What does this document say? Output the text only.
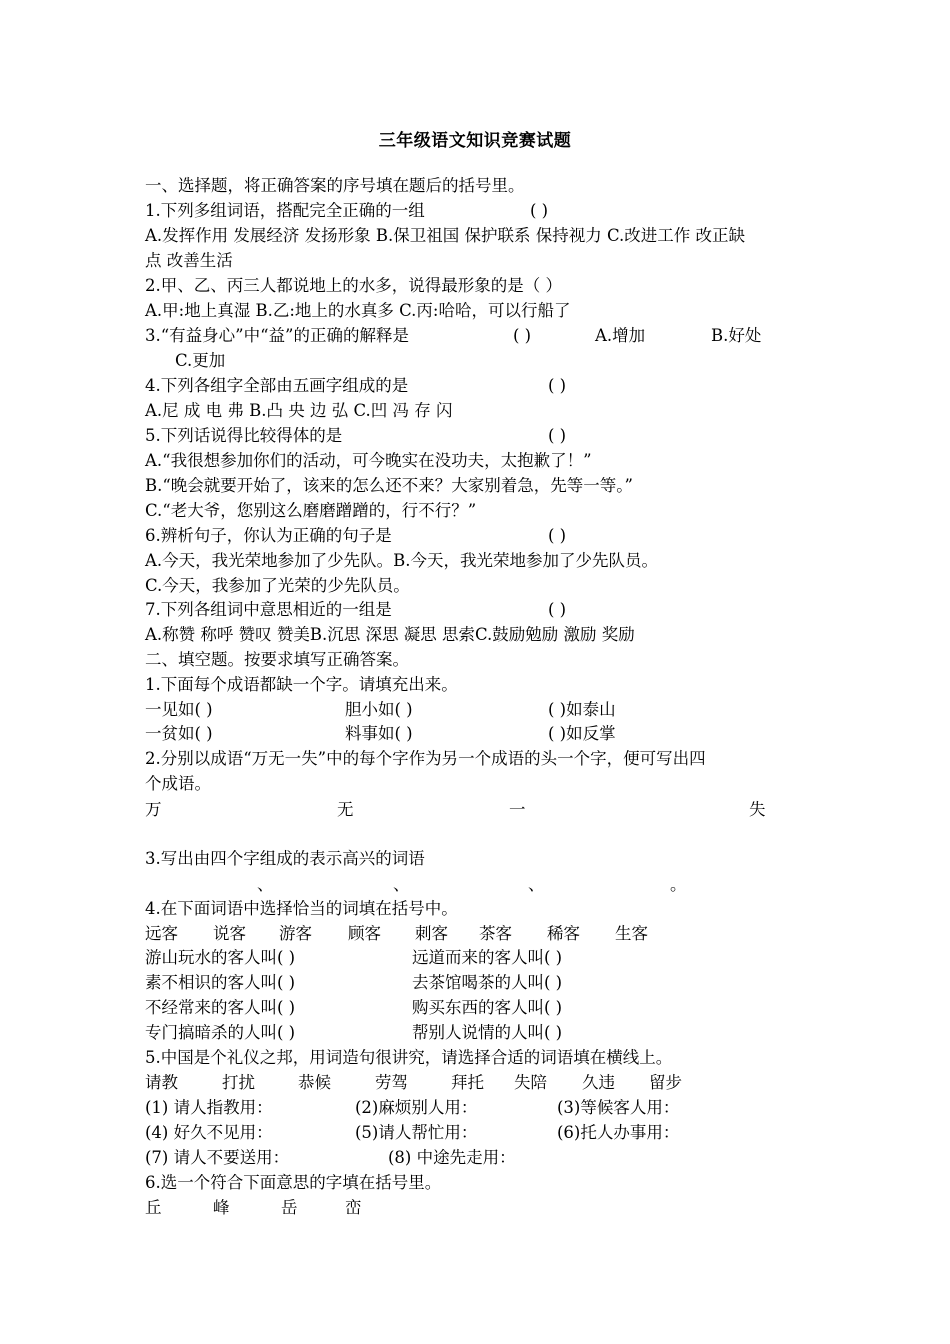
三年级语文知识竞赛试题
一、选择题，将正确答案的序号填在题后的括号里。
1.下列多组词语，搭配完全正确的一组	( )
A.发挥作用 发展经济 发扬形象 B.保卫祖国 保护联系 保持视力 C.改进工作 改正缺
点 改善生活
2.甲、乙、丙三人都说地上的水多，说得最形象的是（ ）
A.甲:地上真湿 B.乙:地上的水真多 C.丙:哈哈，可以行船了
3.“有益身心”中“益”的正确的解释是	( )	A.增加	B.好处
C.更加
4.下列各组字全部由五画字组成的是	( )
A.尼 成 电 弗 B.凸 央 边 弘 C.凹 冯 存 闪
5.下列话说得比较得体的是	( )
A.“我很想参加你们的活动，可今晚实在没功夫，太抱歉了！”
B.“晚会就要开始了，该来的怎么还不来？大家别着急，先等一等。”
C.“老大爷，您别这么磨磨蹭蹭的，行不行？”
6.辨析句子，你认为正确的句子是	( )
A.今天，我光荣地参加了少先队。B.今天，我光荣地参加了少先队员。
C.今天，我参加了光荣的少先队员。
7.下列各组词中意思相近的一组是	( )
A.称赞 称呼 赞叹 赞美B.沉思 深思 凝思 思索C.鼓励勉励 激励 奖励
二、填空题。按要求填写正确答案。
1.下面每个成语都缺一个字。请填充出来。
一见如( )	胆小如( )	( )如泰山
一贫如( )	料事如( )	( )如反掌
2.分别以成语“万无一失”中的每个字作为另一个成语的头一个字，便可写出四
个成语。
万	无	一	失
3.写出由四个字组成的表示高兴的词语
、	、	、	。
4.在下面词语中选择恰当的词填在括号中。
远客 说客 游客 顾客 刺客 茶客 稀客 生客
游山玩水的客人叫( )	远道而来的客人叫( )
素不相识的客人叫( )	去茶馆喝茶的人叫( )
不经常来的客人叫( )	购买东西的客人叫( )
专门搞暗杀的人叫( )	帮别人说情的人叫( )
5.中国是个礼仪之邦，用词造句很讲究，请选择合适的词语填在横线上。
请教	打扰	恭候	劳驾	拜托 失陪 久违 留步
(1) 请人指教用：	(2)麻烦别人用：	(3)等候客人用：
(4) 好久不见用：	(5)请人帮忙用：	(6)托人办事用：
(7) 请人不要送用：	(8) 中途先走用：
6.选一个符合下面意思的字填在括号里。
丘	峰	岳	峦
